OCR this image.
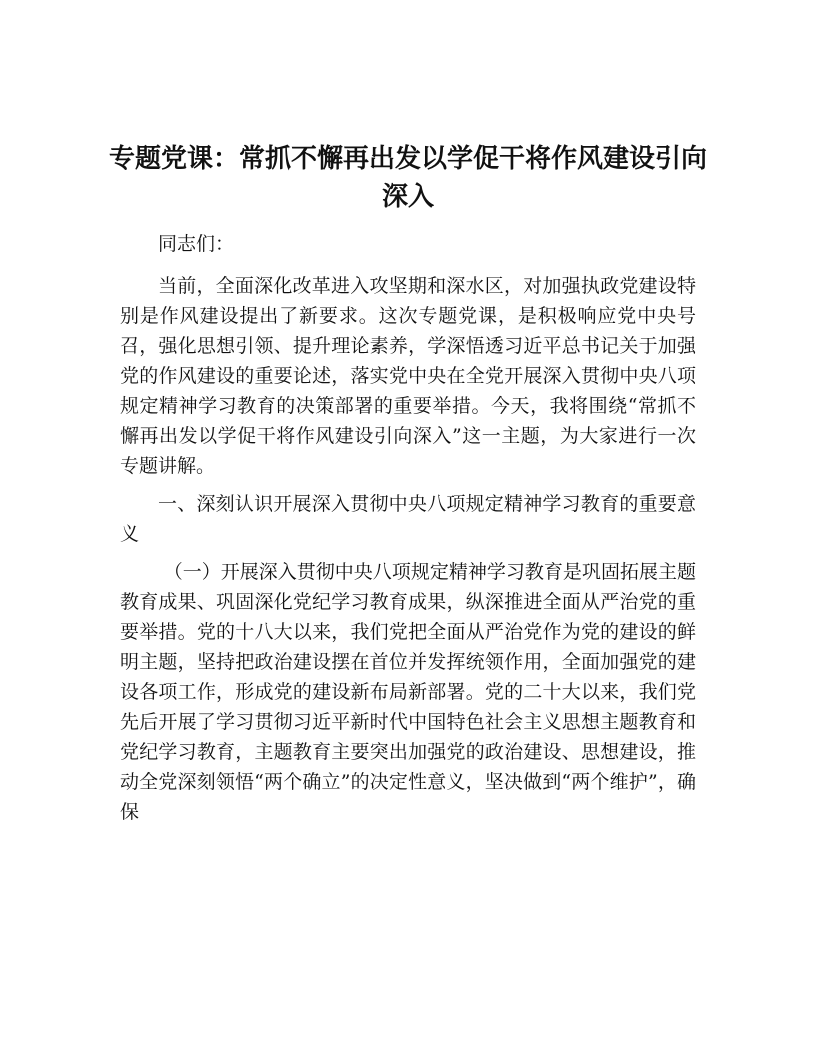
专题党课：常抓不懈再出发以学促干将作风建设引向深入

同志们：

当前，全面深化改革进入攻坚期和深水区，对加强执政党建设特别是作风建设提出了新要求。这次专题党课，是积极响应党中央号召，强化思想引领、提升理论素养，学深悟透习近平总书记关于加强党的作风建设的重要论述，落实党中央在全党开展深入贯彻中央八项规定精神学习教育的决策部署的重要举措。今天，我将围绕“常抓不懈再出发以学促干将作风建设引向深入”这一主题，为大家进行一次专题讲解。

一、深刻认识开展深入贯彻中央八项规定精神学习教育的重要意义

（一）开展深入贯彻中央八项规定精神学习教育是巩固拓展主题教育成果、巩固深化党纪学习教育成果，纵深推进全面从严治党的重要举措。党的十八大以来，我们党把全面从严治党作为党的建设的鲜明主题，坚持把政治建设摆在首位并发挥统领作用，全面加强党的建设各项工作，形成党的建设新布局新部署。党的二十大以来，我们党先后开展了学习贯彻习近平新时代中国特色社会主义思想主题教育和党纪学习教育，主题教育主要突出加强党的政治建设、思想建设，推动全党深刻领悟“两个确立”的决定性意义，坚决做到“两个维护”，确保
